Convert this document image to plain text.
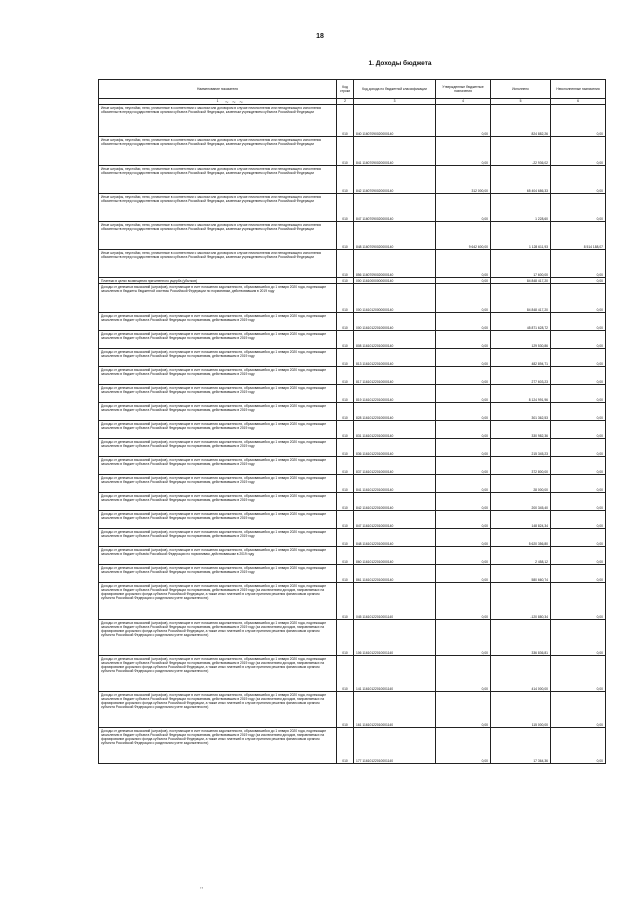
18
1. Доходы бюджета
Наименование показателя	Код строки	Код дохода по бюджетной классификации	Утвержденные бюджетные назначения	Исполнено	Неисполненные назначения
1	2	3	4	5	6
Иные штрафы, неустойки, пени, уплаченные в соответствии с законом или договором в случае неисполнения или ненадлежащего исполнения обязательств перед государственным органом субъекта Российской Федерации, казенным учреждением субъекта Российской Федерации	010	840 11607090020000140	0,00	824 882,26	0,00
Иные штрафы, неустойки, пени, уплаченные в соответствии с законом или договором в случае неисполнения или ненадлежащего исполнения обязательств перед государственным органом субъекта Российской Федерации, казенным учреждением субъекта Российской Федерации	010	841 11607090020000140	0,00	-22 936,02	0,00
Иные штрафы, неустойки, пени, уплаченные в соответствии с законом или договором в случае неисполнения или ненадлежащего исполнения обязательств перед государственным органом субъекта Российской Федерации, казенным учреждением субъекта Российской Федерации	010	842 11607090020000140	312 000,00	65 404 686,33	0,00
Иные штрафы, неустойки, пени, уплаченные в соответствии с законом или договором в случае неисполнения или ненадлежащего исполнения обязательств перед государственным органом субъекта Российской Федерации, казенным учреждением субъекта Российской Федерации	010	847 11607090020000140	0,00	1 228,60	0,00
Иные штрафы, неустойки, пени, уплаченные в соответствии с законом или договором в случае неисполнения или ненадлежащего исполнения обязательств перед государственным органом субъекта Российской Федерации, казенным учреждением субъекта Российской Федерации	010	848 11607090020000140	9 642 600,00	1 128 611,93	8 514 188,07
Иные штрафы, неустойки, пени, уплаченные в соответствии с законом или договором в случае неисполнения или ненадлежащего исполнения обязательств перед государственным органом субъекта Российской Федерации, казенным учреждением субъекта Российской Федерации	010	856 11607090020000140	0,00	17 600,00	0,00
Платежи в целях возмещения причиненного ущерба (убытков)	010	000 11610000000000140	0,00	84 848 417,20	0,00
Доходы от денежных взысканий (штрафов), поступающие в счет погашения задолженности, образовавшейся до 1 января 2020 года, подлежащие зачислению в бюджеты бюджетной системы Российской Федерации по нормативам, действовавшим в 2019 году	010	000 11610120000000140	0,00	84 848 417,20	0,00
Доходы от денежных взысканий (штрафов), поступающие в счет погашения задолженности, образовавшейся до 1 января 2020 года, подлежащие зачислению в бюджет субъекта Российской Федерации по нормативам, действовавшим в 2019 году	010	000 11610122010000140	0,00	45 871 628,72	0,00
Доходы от денежных взысканий (штрафов), поступающие в счет погашения задолженности, образовавшейся до 1 января 2020 года, подлежащие зачислению в бюджет субъекта Российской Федерации по нормативам, действовавшим в 2019 году	010	808 11610122010000140	0,00	129 530,86	0,00
Доходы от денежных взысканий (штрафов), поступающие в счет погашения задолженности, образовавшейся до 1 января 2020 года, подлежащие зачислению в бюджет субъекта Российской Федерации по нормативам, действовавшим в 2019 году	010	813 11610122010000140	0,00	482 894,71	0,00
Доходы от денежных взысканий (штрафов), поступающие в счет погашения задолженности, образовавшейся до 1 января 2020 года, подлежащие зачислению в бюджет субъекта Российской Федерации по нормативам, действовавшим в 2019 году	010	817 11610122010000140	0,00	277 603,23	0,00
Доходы от денежных взысканий (штрафов), поступающие в счет погашения задолженности, образовавшейся до 1 января 2020 года, подлежащие зачислению в бюджет субъекта Российской Федерации по нормативам, действовавшим в 2019 году	010	819 11610122010000140	0,00	8 124 991,96	0,00
Доходы от денежных взысканий (штрафов), поступающие в счет погашения задолженности, образовавшейся до 1 января 2020 года, подлежащие зачислению в бюджет субъекта Российской Федерации по нормативам, действовавшим в 2019 году	010	828 11610122010000140	0,00	301 362,53	0,00
Доходы от денежных взысканий (штрафов), поступающие в счет погашения задолженности, образовавшейся до 1 января 2020 года, подлежащие зачислению в бюджет субъекта Российской Федерации по нормативам, действовавшим в 2019 году	010	831 11610122010000140	0,00	330 982,36	0,00
Доходы от денежных взысканий (штрафов), поступающие в счет погашения задолженности, образовавшейся до 1 января 2020 года, подлежащие зачислению в бюджет субъекта Российской Федерации по нормативам, действовавшим в 2019 году	010	836 11610122010000140	0,00	215 345,23	0,00
Доходы от денежных взысканий (штрафов), поступающие в счет погашения задолженности, образовавшейся до 1 января 2020 года, подлежащие зачислению в бюджет субъекта Российской Федерации по нормативам, действовавшим в 2019 году	010	837 11610122010000140	0,00	372 800,00	0,00
Доходы от денежных взысканий (штрафов), поступающие в счет погашения задолженности, образовавшейся до 1 января 2020 года, подлежащие зачислению в бюджет субъекта Российской Федерации по нормативам, действовавшим в 2019 году	010	841 11610122010000140	0,00	28 000,00	0,00
Доходы от денежных взысканий (штрафов), поступающие в счет погашения задолженности, образовавшейся до 1 января 2020 года, подлежащие зачислению в бюджет субъекта Российской Федерации по нормативам, действовавшим в 2019 году	010	842 11610122010000140	0,00	200 345,40	0,00
Доходы от денежных взысканий (штрафов), поступающие в счет погашения задолженности, образовавшейся до 1 января 2020 года, подлежащие зачислению в бюджет субъекта Российской Федерации по нормативам, действовавшим в 2019 году	010	847 11610122010000140	0,00	148 824,34	0,00
Доходы от денежных взысканий (штрафов), поступающие в счет погашения задолженности, образовавшейся до 1 января 2020 года, подлежащие зачислению в бюджет субъекта Российской Федерации по нормативам, действовавшим в 2019 году	010	848 11610122010000140	0,00	5 620 356,80	0,00
Доходы от денежных взысканий (штрафов), поступающие в счет погашения задолженности, образовавшейся до 1 января 2020 года, подлежащие зачислению в бюджет субъекta Российской Федерации по нормативам, действовавшим в 2019 году	010	860 11610122010000140	0,00	2 458,12	0,00
Доходы от денежных взысканий (штрафов), поступающие в счет погашения задолженности, образовавшейся до 1 января 2020 года, подлежащие зачислению в бюджет субъекта Российской Федерации по нормативам, действовавшим в 2019 году	010	861 11610122010000140	0,00	580 660,74	0,00
Доходы от денежных взысканий (штрафов), поступающие в счет погашения задолженности, образовавшейся до 1 января 2020 года, подлежащие зачислению в бюджет субъекта Российской Федерации по нормативам, действовавшим в 2019 году (за исключением доходов, направляемых на формирование дорожного фонда субъекта Российской Федерации, а также иных платежей в случае принятия решения финансовым органом субъекта Российской Федерации о раздельном учете задолженности)	010	045 11610122010001140	0,00	-120 880,34	0,00
Доходы от денежных взысканий (штрафов), поступающие в счет погашения задолженности, образовавшейся до 1 января 2020 года, подлежащие зачислению в бюджет субъекта Российской Федерации по нормативам, действовавшим в 2019 году (за исключением доходов, направляемых на формирование дорожного фонда субъекта Российской Федерации, а также иных платежей в случае принятия решения финансовым органом субъекта Российской Федерации о раздельном учете задолженности)	010	106 11610122010001140	0,00	336 836,81	0,00
Доходы от денежных взысканий (штрафов), поступающие в счет погашения задолженности, образовавшейся до 1 января 2020 года, подлежащие зачислению в бюджет субъекта Российской Федерации по нормативам, действовавшим в 2019 году (за исключением доходов, направляемых на формирование дорожного фонда субъекта Российской Федерации, а также иных платежей в случае принятия решения финансовым органом субъекта Российской Федерации о раздельном учете задолженности)	010	141 11610122010001140	0,00	414 000,00	0,00
Доходы от денежных взысканий (штрафов), поступающие в счет погашения задолженности, образовавшейся до 1 января 2020 года, подлежащие зачислению в бюджет субъекта Российской Федерации по нормативам, действовавшим в 2019 году (за исключением доходов, направляемых на формирование дорожного фонда субъекта Российской Федерации, а также иных платежей в случае принятия решения финансовым органом субъекта Российской Федерации о раздельном учете задолженности)	010	161 11610122010001140	0,00	115 000,00	0,00
Доходы от денежных взысканий (штрафов), поступающие в счет погашения задолженности, образовавшейся до 1 января 2020 года, подлежащие зачислению в бюджет субъекта Российской Федерации по нормативам, действовавшим в 2019 году (за исключением доходов, направляемых на формирование дорожного фонда субъекта Российской Федерации, а также иных платежей в случае принятия решения финансовым органом субъекта Российской Федерации о раздельном учете задолженности)	010	177 11610122010001140	0,00	17 364,36	0,00
~ ~ ~
,,
